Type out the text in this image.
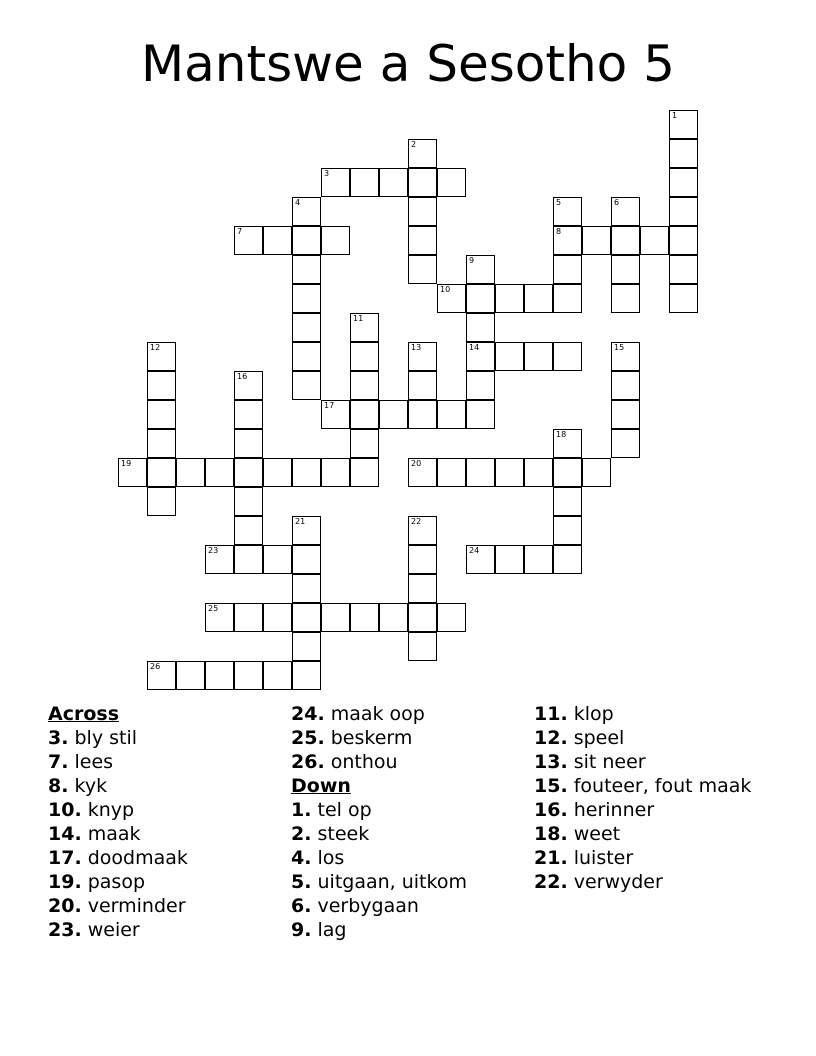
Mantswe a Sesotho 5
1
2
3
4	5
8
6
7
9
14
10
11
12	13	15
16
17
18
19	20
21	22
23	24
25
26
Across
3. bly stil
7. lees
8. kyk
10. knyp
14. maak
17. doodmaak
19. pasop
20. verminder
23. weier
24. maak oop
25. beskerm
26. onthou
Down
1. tel op
2. steek
4. los
5. uitgaan, uitkom
6. verbygaan
9. lag
11. klop
12. speel
13. sit neer
15. fouteer, fout maak
16. herinner
18. weet
21. luister
22. verwyder
